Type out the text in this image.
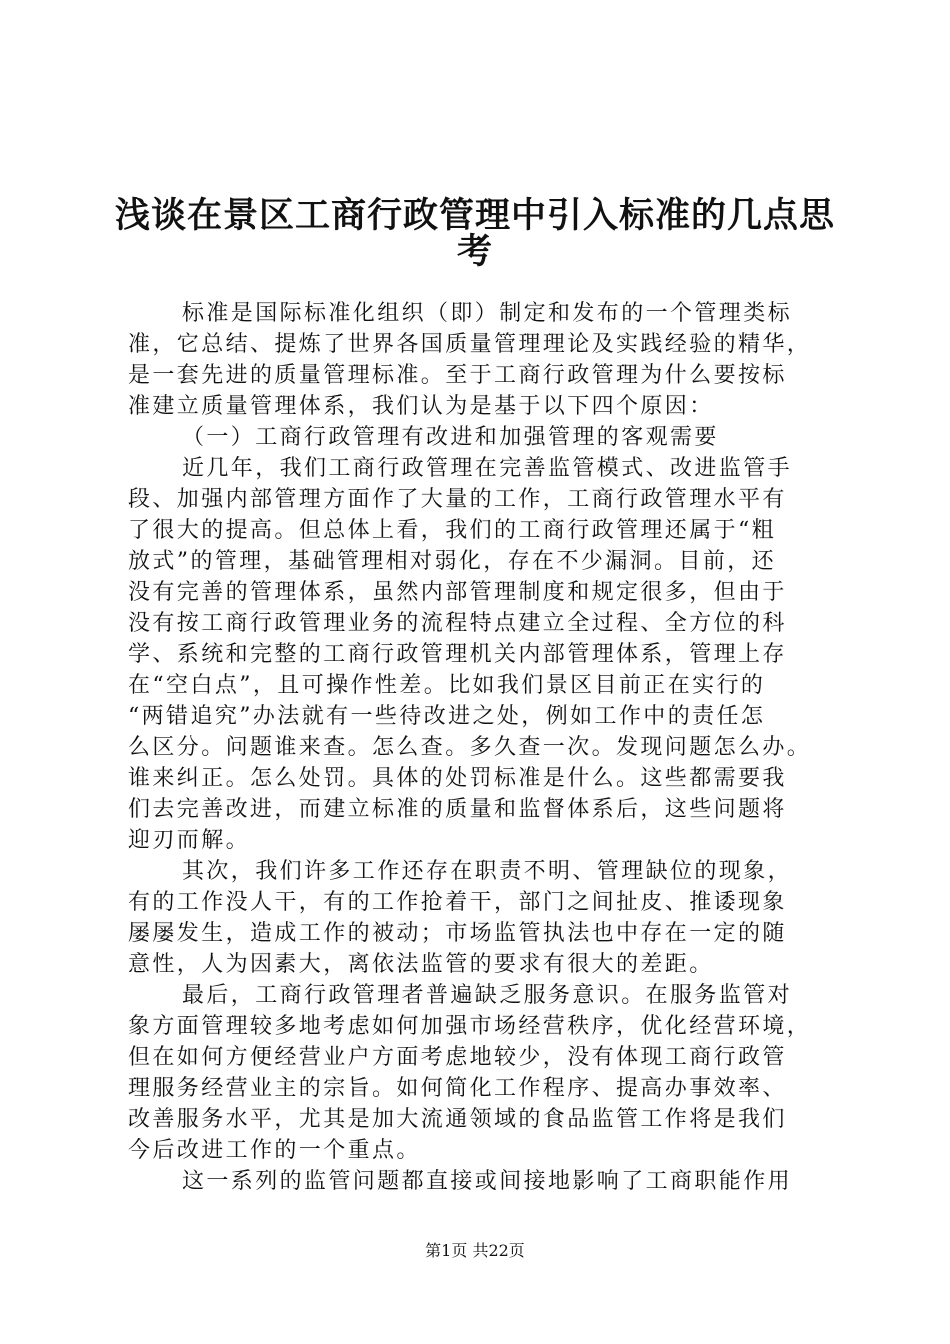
浅谈在景区工商行政管理中引入标准的几点思
考
标准是国际标准化组织（即）制定和发布的一个管理类标
准，它总结、提炼了世界各国质量管理理论及实践经验的精华，
是一套先进的质量管理标准。至于工商行政管理为什么要按标
准建立质量管理体系，我们认为是基于以下四个原因：
（一）工商行政管理有改进和加强管理的客观需要
近几年，我们工商行政管理在完善监管模式、改进监管手
段、加强内部管理方面作了大量的工作，工商行政管理水平有
了很大的提高。但总体上看，我们的工商行政管理还属于“粗
放式”的管理，基础管理相对弱化，存在不少漏洞。目前，还
没有完善的管理体系，虽然内部管理制度和规定很多，但由于
没有按工商行政管理业务的流程特点建立全过程、全方位的科
学、系统和完整的工商行政管理机关内部管理体系，管理上存
在“空白点”，且可操作性差。比如我们景区目前正在实行的
“两错追究”办法就有一些待改进之处，例如工作中的责任怎
么区分。问题谁来查。怎么查。多久查一次。发现问题怎么办。
谁来纠正。怎么处罚。具体的处罚标准是什么。这些都需要我
们去完善改进，而建立标准的质量和监督体系后，这些问题将
迎刃而解。
其次，我们许多工作还存在职责不明、管理缺位的现象，
有的工作没人干，有的工作抢着干，部门之间扯皮、推诿现象
屡屡发生，造成工作的被动；市场监管执法也中存在一定的随
意性，人为因素大，离依法监管的要求有很大的差距。
最后，工商行政管理者普遍缺乏服务意识。在服务监管对
象方面管理较多地考虑如何加强市场经营秩序，优化经营环境，
但在如何方便经营业户方面考虑地较少，没有体现工商行政管
理服务经营业主的宗旨。如何简化工作程序、提高办事效率、
改善服务水平，尤其是加大流通领域的食品监管工作将是我们
今后改进工作的一个重点。
这一系列的监管问题都直接或间接地影响了工商职能作用
第1页 共22页
